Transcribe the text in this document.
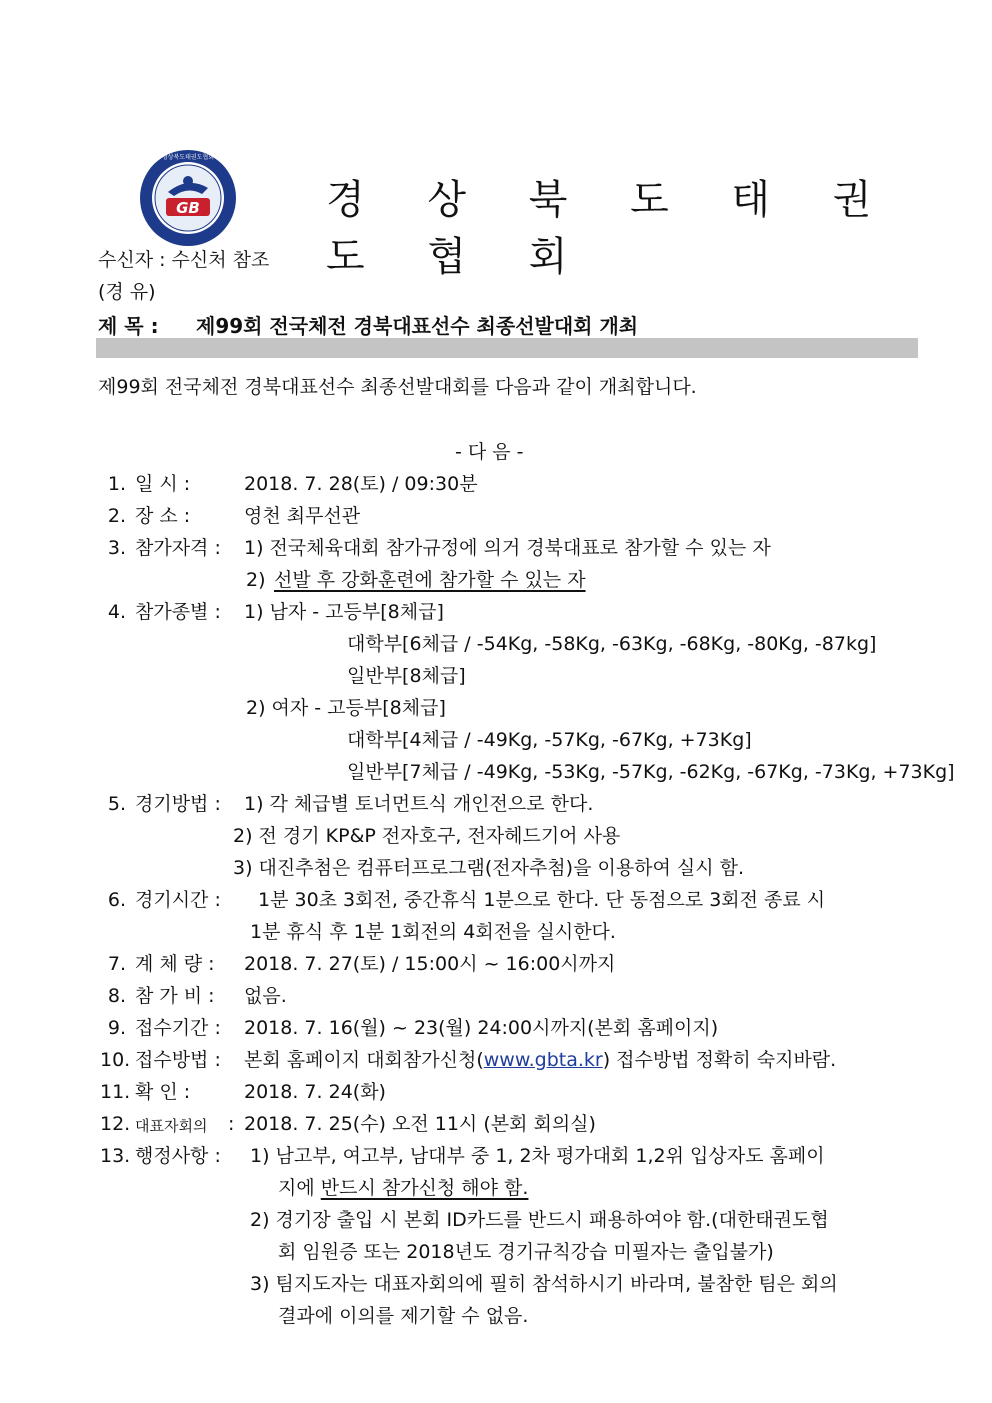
GB
경상북도태권도협회
경 상 북 도 태 권 도 협 회
수신자 : 수신처 참조
(경 유)
제 목 : 제99회 전국체전 경북대표선수 최종선발대회 개최
제99회 전국체전 경북대표선수 최종선발대회를 다음과 같이 개최합니다.
- 다 음 -
1. 일 시 :	2018. 7. 28(토) / 09:30분
2. 장 소 :	영천 최무선관
3. 참가자격 : 1) 전국체육대회 참가규정에 의거 경북대표로 참가할 수 있는 자
2) 선발 후 강화훈련에 참가할 수 있는 자
4. 참가종별 : 1) 남자 - 고등부[8체급]
대학부[6체급 / -54Kg, -58Kg, -63Kg, -68Kg, -80Kg, -87kg]
일반부[8체급]
2) 여자 - 고등부[8체급]
대학부[4체급 / -49Kg, -57Kg, -67Kg, +73Kg]
일반부[7체급 / -49Kg, -53Kg, -57Kg, -62Kg, -67Kg, -73Kg, +73Kg]
5. 경기방법 : 1) 각 체급별 토너먼트식 개인전으로 한다.
2) 전 경기 KP&P 전자호구, 전자헤드기어 사용
3) 대진추첨은 컴퓨터프로그램(전자추첨)을 이용하여 실시 함.
6. 경기시간 : 1분 30초 3회전, 중간휴식 1분으로 한다. 단 동점으로 3회전 종료 시
1분 휴식 후 1분 1회전의 4회전을 실시한다.
7. 계 체 량 : 2018. 7. 27(토) / 15:00시 ~ 16:00시까지
8. 참 가 비 : 없음.
9. 접수기간 : 2018. 7. 16(월) ~ 23(월) 24:00시까지(본회 홈페이지)
10. 접수방법 : 본회 홈페이지 대회참가신청(www.gbta.kr) 접수방법 정확히 숙지바람.
11. 확 인 :	2018. 7. 24(화)
12. 대표자회의 : 2018. 7. 25(수) 오전 11시 (본회 회의실)
13. 행정사항 : 1) 남고부, 여고부, 남대부 중 1, 2차 평가대회 1,2위 입상자도 홈페이
지에 반드시 참가신청 해야 함.
2) 경기장 출입 시 본회 ID카드를 반드시 패용하여야 함.(대한태권도협
회 임원증 또는 2018년도 경기규칙강습 미필자는 출입불가)
3) 팀지도자는 대표자회의에 필히 참석하시기 바라며, 불참한 팀은 회의
결과에 이의를 제기할 수 없음.
